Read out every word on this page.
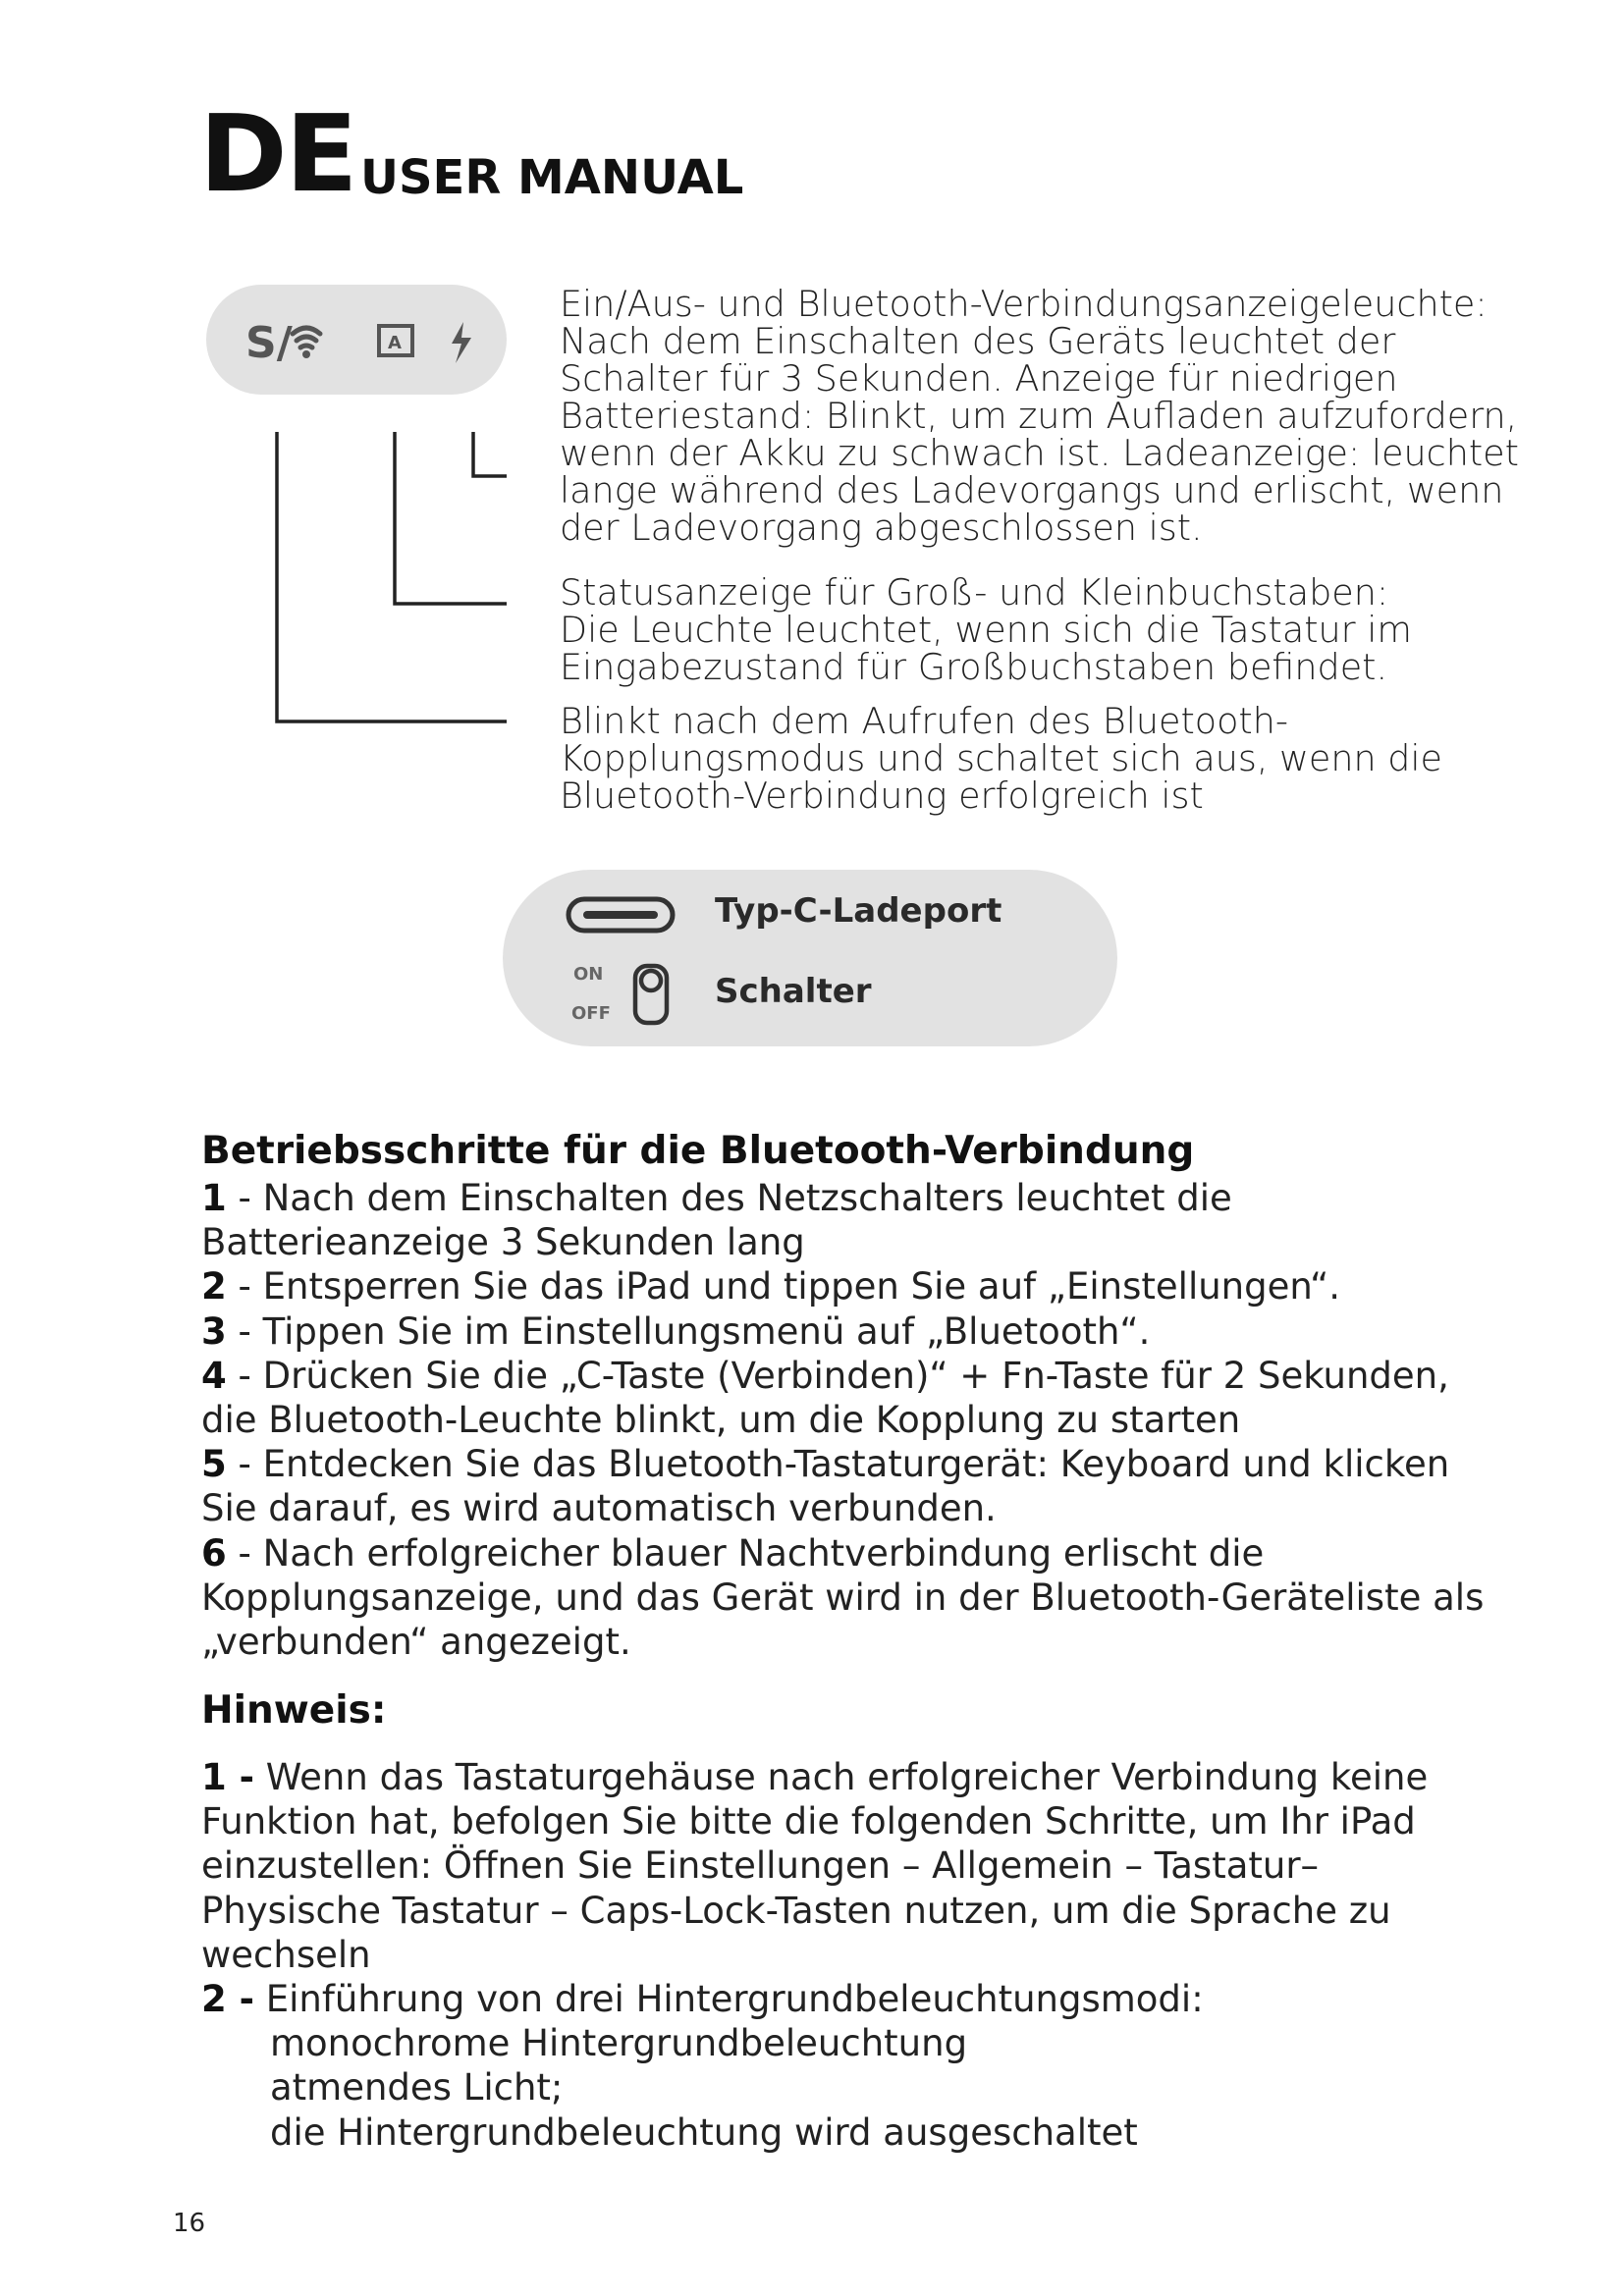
DE USER MANUAL
S/	A
Ein/Aus- und Bluetooth-Verbindungsanzeigeleuchte:
Nach dem Einschalten des Geräts leuchtet der
Schalter für 3 Sekunden. Anzeige für niedrigen
Batteriestand: Blinkt, um zum Aufladen aufzufordern,
wenn der Akku zu schwach ist. Ladeanzeige: leuchtet
lange während des Ladevorgangs und erlischt, wenn
der Ladevorgang abgeschlossen ist.
Statusanzeige für Groß- und Kleinbuchstaben:
Die Leuchte leuchtet, wenn sich die Tastatur im
Eingabezustand für Großbuchstaben befindet.
Blinkt nach dem Aufrufen des Bluetooth-
Kopplungsmodus und schaltet sich aus, wenn die
Bluetooth-Verbindung erfolgreich ist
ON
OFF
Typ-C-Ladeport
Schalter
Betriebsschritte für die Bluetooth-Verbindung
1 - Nach dem Einschalten des Netzschalters leuchtet die
Batterieanzeige 3 Sekunden lang
2 - Entsperren Sie das iPad und tippen Sie auf „Einstellungen“.
3 - Tippen Sie im Einstellungsmenü auf „Bluetooth“.
4 - Drücken Sie die „C-Taste (Verbinden)“ + Fn-Taste für 2 Sekunden,
die Bluetooth-Leuchte blinkt, um die Kopplung zu starten
5 - Entdecken Sie das Bluetooth-Tastaturgerät: Keyboard und klicken
Sie darauf, es wird automatisch verbunden.
6 - Nach erfolgreicher blauer Nachtverbindung erlischt die
Kopplungsanzeige, und das Gerät wird in der Bluetooth-Geräteliste als
„verbunden“ angezeigt.
Hinweis:
1 - Wenn das Tastaturgehäuse nach erfolgreicher Verbindung keine
Funktion hat, befolgen Sie bitte die folgenden Schritte, um Ihr iPad
einzustellen: Öffnen Sie Einstellungen – Allgemein – Tastatur–
Physische Tastatur – Caps-Lock-Tasten nutzen, um die Sprache zu
wechseln
2 - Einführung von drei Hintergrundbeleuchtungsmodi:
monochrome Hintergrundbeleuchtung
atmendes Licht;
die Hintergrundbeleuchtung wird ausgeschaltet
16
